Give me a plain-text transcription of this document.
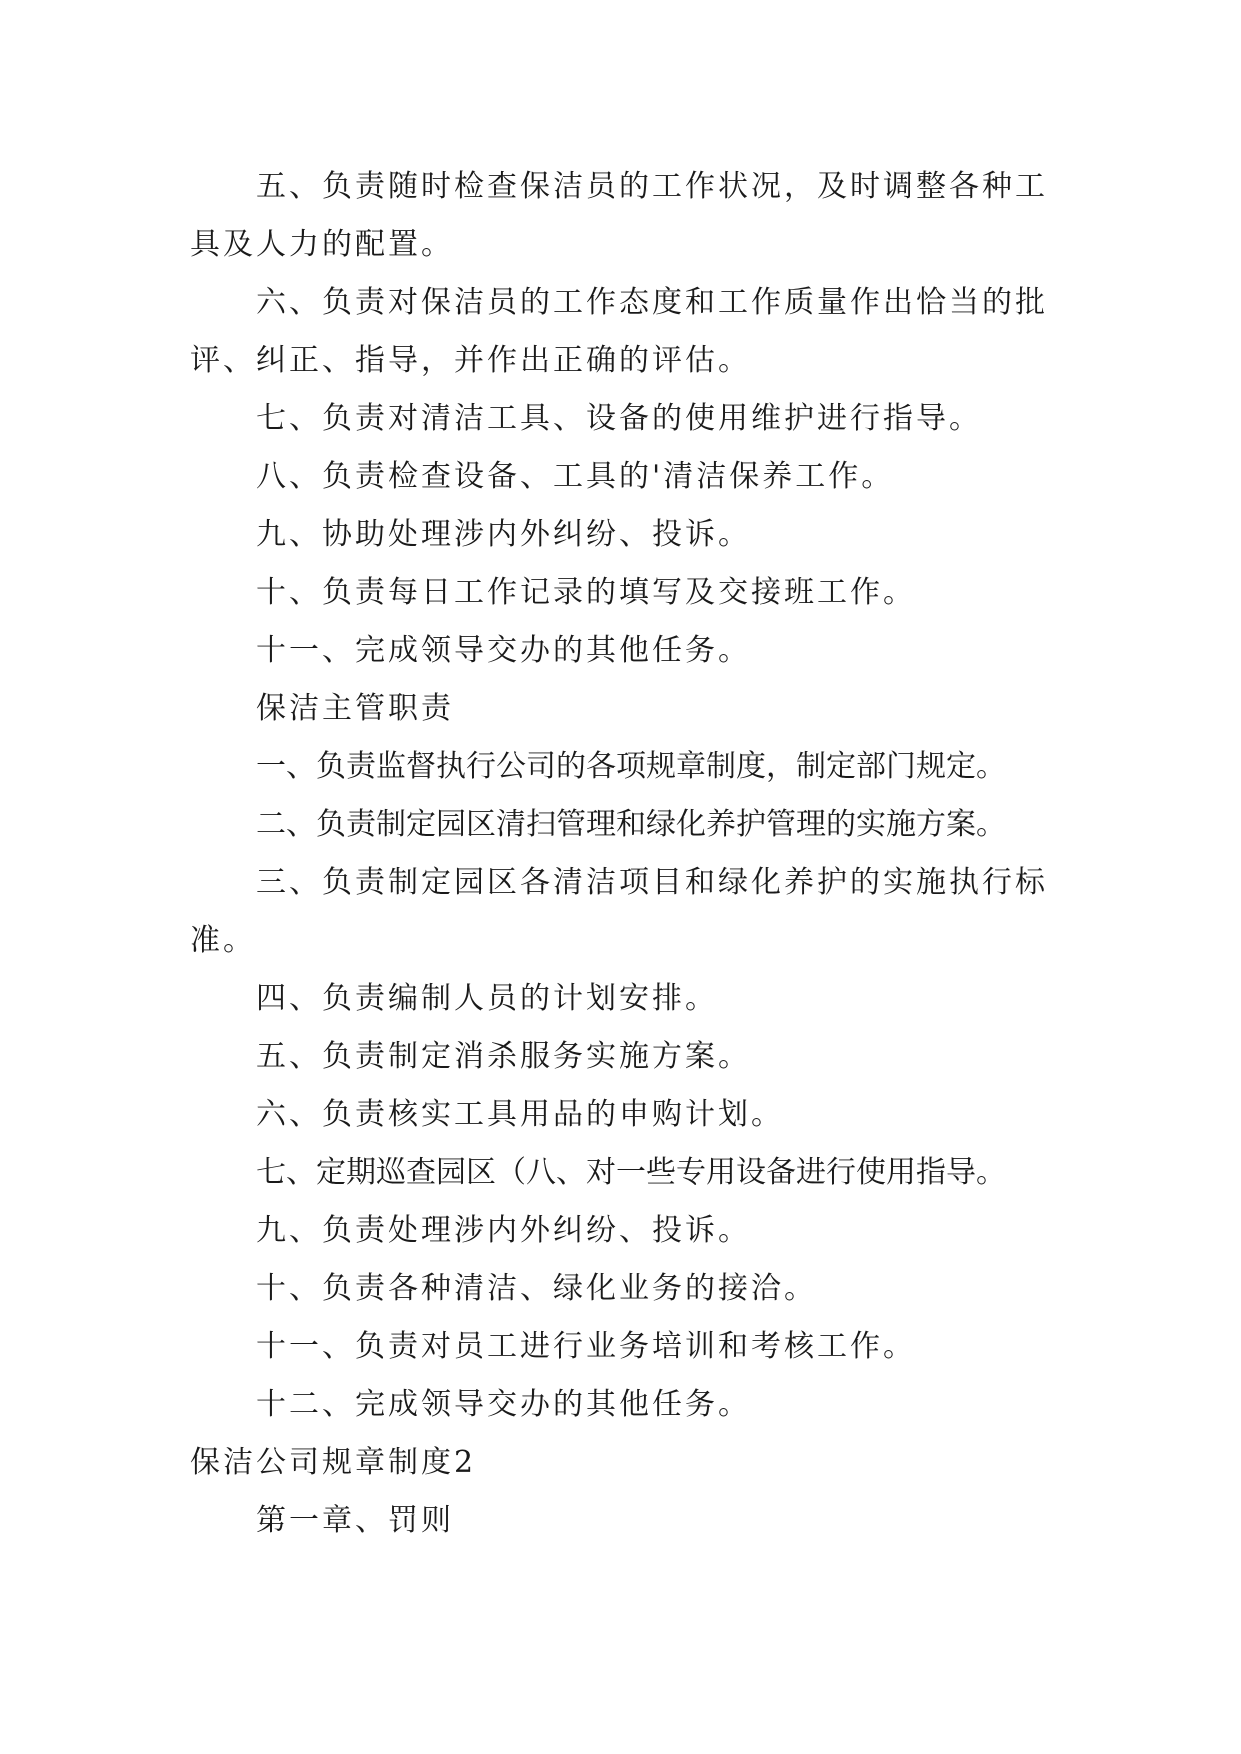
五、负责随时检查保洁员的工作状况，及时调整各种工具及人力的配置。

六、负责对保洁员的工作态度和工作质量作出恰当的批评、纠正、指导，并作出正确的评估。

七、负责对清洁工具、设备的使用维护进行指导。

八、负责检查设备、工具的'清洁保养工作。

九、协助处理涉内外纠纷、投诉。

十、负责每日工作记录的填写及交接班工作。

十一、完成领导交办的其他任务。

保洁主管职责

一、负责监督执行公司的各项规章制度，制定部门规定。

二、负责制定园区清扫管理和绿化养护管理的实施方案。

三、负责制定园区各清洁项目和绿化养护的实施执行标准。

四、负责编制人员的计划安排。

五、负责制定消杀服务实施方案。

六、负责核实工具用品的申购计划。

七、定期巡查园区（八、对一些专用设备进行使用指导。

九、负责处理涉内外纠纷、投诉。

十、负责各种清洁、绿化业务的接洽。

十一、负责对员工进行业务培训和考核工作。

十二、完成领导交办的其他任务。

保洁公司规章制度2

第一章、罚则
